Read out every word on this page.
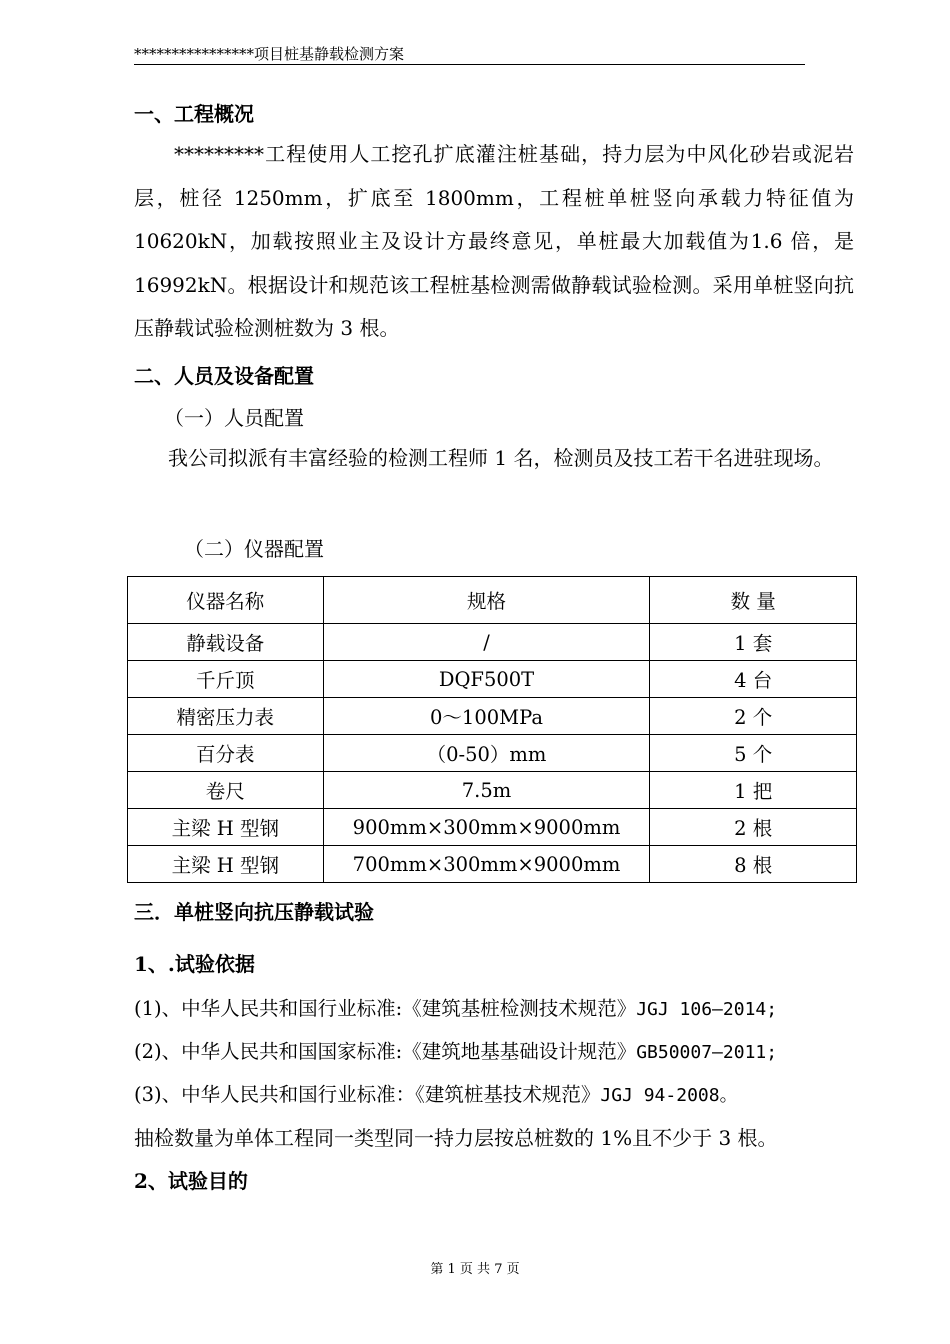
****************项目桩基静载检测方案
一、工程概况
*********工程使用人工挖孔扩底灌注桩基础，持力层为中风化砂岩或泥岩层，桩径 1250mm，扩底至 1800mm，工程桩单桩竖向承载力特征值为 10620kN，加载按照业主及设计方最终意见，单桩最大加载值为1.6 倍，是 16992kN。根据设计和规范该工程桩基检测需做静载试验检测。采用单桩竖向抗压静载试验检测桩数为 3 根。
二、人员及设备配置
（一）人员配置
我公司拟派有丰富经验的检测工程师 1 名，检测员及技工若干名进驻现场。
（二）仪器配置
仪器名称	规格	数 量
静载设备	/	1 套
千斤顶	DQF500T	4 台
精密压力表	0～100MPa	2 个
百分表	（0-50）mm	5 个
卷尺	7.5m	1 把
主梁 H 型钢	900mm×300mm×9000mm	2 根
主梁 H 型钢	700mm×300mm×9000mm	8 根
三．单桩竖向抗压静载试验
1、.试验依据
(1)、中华人民共和国行业标准:《建筑基桩检测技术规范》JGJ 106—2014;
(2)、中华人民共和国国家标准:《建筑地基基础设计规范》GB50007—2011;
(3)、中华人民共和国行业标准：《建筑桩基技术规范》JGJ 94-2008。
抽检数量为单体工程同一类型同一持力层按总桩数的 1%且不少于 3 根。
2、试验目的
第 1 页 共 7 页
